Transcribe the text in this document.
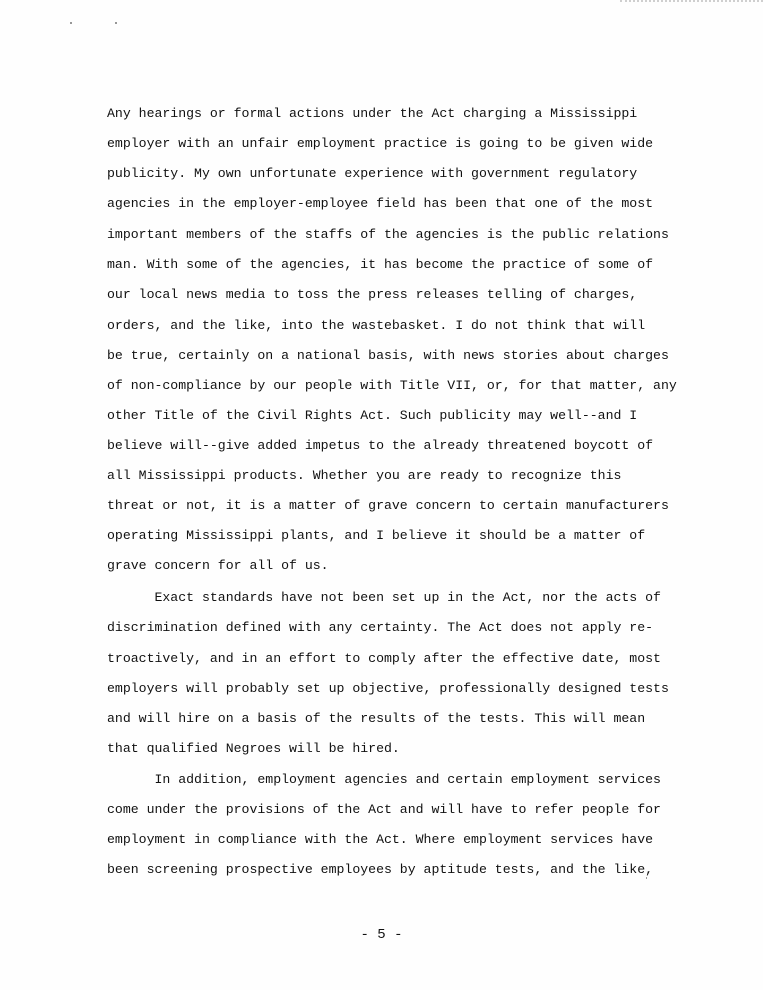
Any hearings or formal actions under the Act charging a Mississippi
employer with an unfair employment practice is going to be given wide
publicity. My own unfortunate experience with government regulatory
agencies in the employer-employee field has been that one of the most
important members of the staffs of the agencies is the public relations
man. With some of the agencies, it has become the practice of some of
our local news media to toss the press releases telling of charges,
orders, and the like, into the wastebasket. I do not think that will
be true, certainly on a national basis, with news stories about charges
of non-compliance by our people with Title VII, or, for that matter, any
other Title of the Civil Rights Act. Such publicity may well--and I
believe will--give added impetus to the already threatened boycott of
all Mississippi products. Whether you are ready to recognize this
threat or not, it is a matter of grave concern to certain manufacturers
operating Mississippi plants, and I believe it should be a matter of
grave concern for all of us.
Exact standards have not been set up in the Act, nor the acts of
discrimination defined with any certainty. The Act does not apply re-
troactively, and in an effort to comply after the effective date, most
employers will probably set up objective, professionally designed tests
and will hire on a basis of the results of the tests. This will mean
that qualified Negroes will be hired.
In addition, employment agencies and certain employment services
come under the provisions of the Act and will have to refer people for
employment in compliance with the Act. Where employment services have
been screening prospective employees by aptitude tests, and the like,
- 5 -
